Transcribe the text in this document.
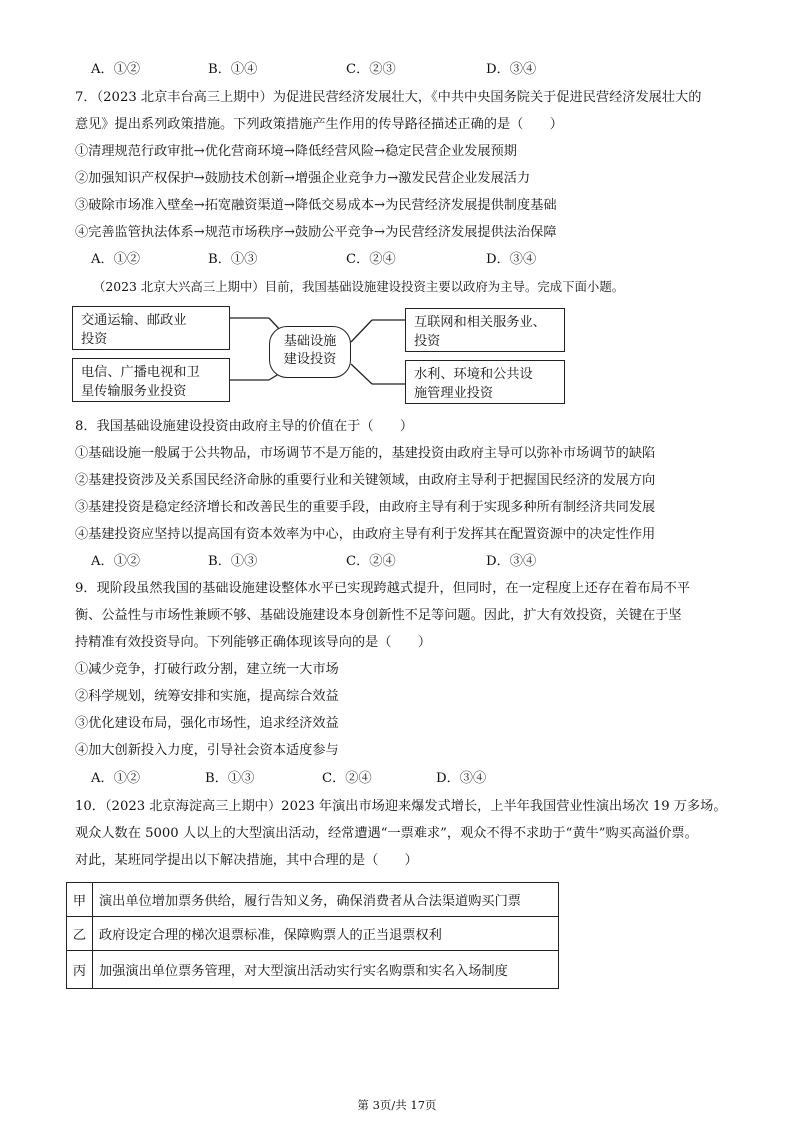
A．①②	B．①④	C．②③	D．③④
7．（2023 北京丰台高三上期中）为促进民营经济发展壮大，《中共中央国务院关于促进民营经济发展壮大的
意见》提出系列政策措施。下列政策措施产生作用的传导路径描述正确的是（　　）
①清理规范行政审批→优化营商环境→降低经营风险→稳定民营企业发展预期
②加强知识产权保护→鼓励技术创新→增强企业竞争力→激发民营企业发展活力
③破除市场准入壁垒→拓宽融资渠道→降低交易成本→为民营经济发展提供制度基础
④完善监管执法体系→规范市场秩序→鼓励公平竞争→为民营经济发展提供法治保障
A．①②	B．①③	C．②④	D．③④
（2023 北京大兴高三上期中）目前，我国基础设施建设投资主要以政府为主导。完成下面小题。
交通运输、邮政业
投资
电信、广播电视和卫
星传输服务业投资
基础设施
建设投资
互联网和相关服务业、
投资
水利、环境和公共设
施管理业投资
8．我国基础设施建设投资由政府主导的价值在于（　　）
①基础设施一般属于公共物品，市场调节不是万能的，基建投资由政府主导可以弥补市场调节的缺陷
②基建投资涉及关系国民经济命脉的重要行业和关键领域，由政府主导利于把握国民经济的发展方向
③基建投资是稳定经济增长和改善民生的重要手段，由政府主导有利于实现多种所有制经济共同发展
④基建投资应坚持以提高国有资本效率为中心，由政府主导有利于发挥其在配置资源中的决定性作用
A．①②	B．①③	C．②④	D．③④
9．现阶段虽然我国的基础设施建设整体水平已实现跨越式提升，但同时，在一定程度上还存在着布局不平
衡、公益性与市场性兼顾不够、基础设施建设本身创新性不足等问题。因此，扩大有效投资，关键在于坚
持精准有效投资导向。下列能够正确体现该导向的是（　　）
①减少竞争，打破行政分割，建立统一大市场
②科学规划，统筹安排和实施，提高综合效益
③优化建设布局，强化市场性，追求经济效益
④加大创新投入力度，引导社会资本适度参与
A．①②	B．①③	C．②④	D．③④
10．（2023 北京海淀高三上期中）2023 年演出市场迎来爆发式增长，上半年我国营业性演出场次 19 万多场。
观众人数在 5000 人以上的大型演出活动，经常遭遇“一票难求”，观众不得不求助于“黄牛”购买高溢价票。
对此，某班同学提出以下解决措施，其中合理的是（　　）
甲	演出单位增加票务供给，履行告知义务，确保消费者从合法渠道购买门票
乙	政府设定合理的梯次退票标准，保障购票人的正当退票权利
丙	加强演出单位票务管理，对大型演出活动实行实名购票和实名入场制度
第 3页/共 17页
